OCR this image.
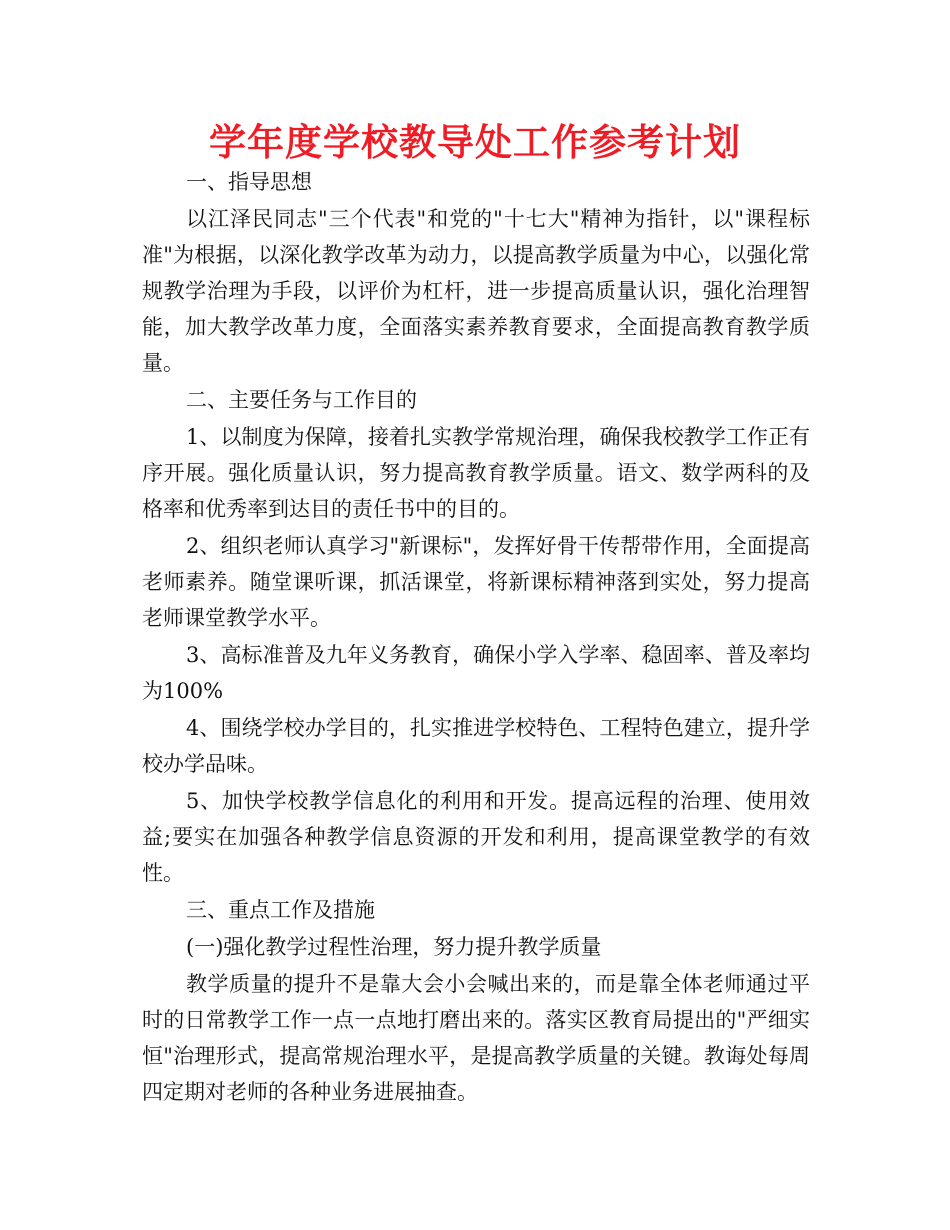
学年度学校教导处工作参考计划

一、指导思想

以江泽民同志"三个代表"和党的"十七大"精神为指针，以"课程标准"为根据，以深化教学改革为动力，以提高教学质量为中心，以强化常规教学治理为手段，以评价为杠杆，进一步提高质量认识，强化治理智能，加大教学改革力度，全面落实素养教育要求，全面提高教育教学质量。

二、主要任务与工作目的

1、以制度为保障，接着扎实教学常规治理，确保我校教学工作正有序开展。强化质量认识，努力提高教育教学质量。语文、数学两科的及格率和优秀率到达目的责任书中的目的。

2、组织老师认真学习"新课标"，发挥好骨干传帮带作用，全面提高老师素养。随堂课听课，抓活课堂，将新课标精神落到实处，努力提高老师课堂教学水平。

3、高标准普及九年义务教育，确保小学入学率、稳固率、普及率均为100%

4、围绕学校办学目的，扎实推进学校特色、工程特色建立，提升学校办学品味。

5、加快学校教学信息化的利用和开发。提高远程的治理、使用效益;要实在加强各种教学信息资源的开发和利用，提高课堂教学的有效性。

三、重点工作及措施

(一)强化教学过程性治理，努力提升教学质量

教学质量的提升不是靠大会小会喊出来的，而是靠全体老师通过平时的日常教学工作一点一点地打磨出来的。落实区教育局提出的"严细实恒"治理形式，提高常规治理水平，是提高教学质量的关键。教诲处每周四定期对老师的各种业务进展抽查。
